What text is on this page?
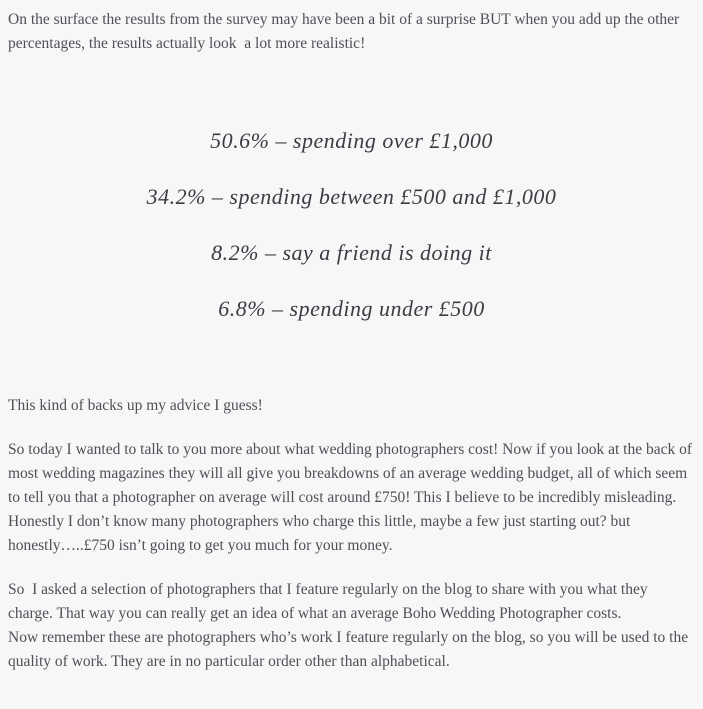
On the surface the results from the survey may have been a bit of a surprise BUT when you add up the other percentages, the results actually look  a lot more realistic!

50.6% – spending over £1,000

34.2% – spending between £500 and £1,000

8.2% – say a friend is doing it

6.8% – spending under £500

This kind of backs up my advice I guess!

So today I wanted to talk to you more about what wedding photographers cost! Now if you look at the back of most wedding magazines they will all give you breakdowns of an average wedding budget, all of which seem to tell you that a photographer on average will cost around £750! This I believe to be incredibly misleading. Honestly I don’t know many photographers who charge this little, maybe a few just starting out? but honestly…..£750 isn’t going to get you much for your money.

So  I asked a selection of photographers that I feature regularly on the blog to share with you what they charge. That way you can really get an idea of what an average Boho Wedding Photographer costs.
Now remember these are photographers who’s work I feature regularly on the blog, so you will be used to the quality of work. They are in no particular order other than alphabetical.
